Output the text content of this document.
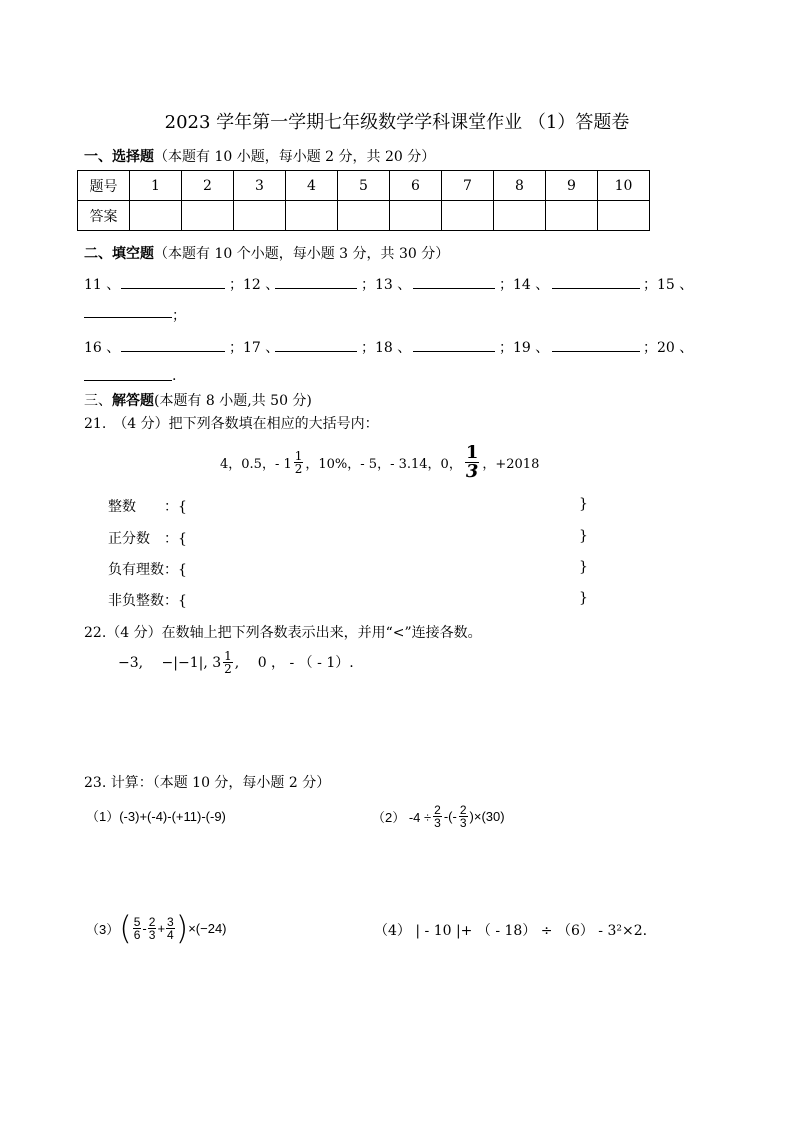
2023 学年第一学期七年级数学学科课堂作业 （1）答题卷
一、选择题（本题有 10 小题，每小题 2 分，共 20 分）
题号	1	2	3	4	5	6	7	8	9	10
答案										
二、填空题（本题有 10 个小题，每小题 3 分，共 30 分）
11 、	；12 、	；13 、	；14 、	；15 、
；
16 、	；17 、	；18 、	；19 、	；20 、
.
三、解答题(本题有 8 小题,共 50 分)
21.　（4 分）把下列各数填在相应的大括号内：
4，0.5，- $1 \frac{1}{2}$ ，10%，- 5，- 3.14，0， $\frac{1}{3}$ ，+2018
整数　　：{	}
正分数　：{	}
负有理数：{	}
非负整数：{	}
22.（4 分）在数轴上把下列各数表示出来，并用“<”连接各数。
−3,　 −|−1|, $3 \frac{1}{2}$ ,　 0 ， - （ - 1）.
23. 计算：（本题 10 分，每小题 2 分）
（1）(-3)+(-4)-(+11)-(-9)	（2） $-4 \div \frac{2}{3}$ -(- $\frac{2}{3} )\times(30)$
（3） ( $\frac{5}{6} - \frac{2}{3} + \frac{3}{4}$ ) ×(−24)	（4） | - 10 |+ （ - 18） ÷ （6） - 3²×2.
